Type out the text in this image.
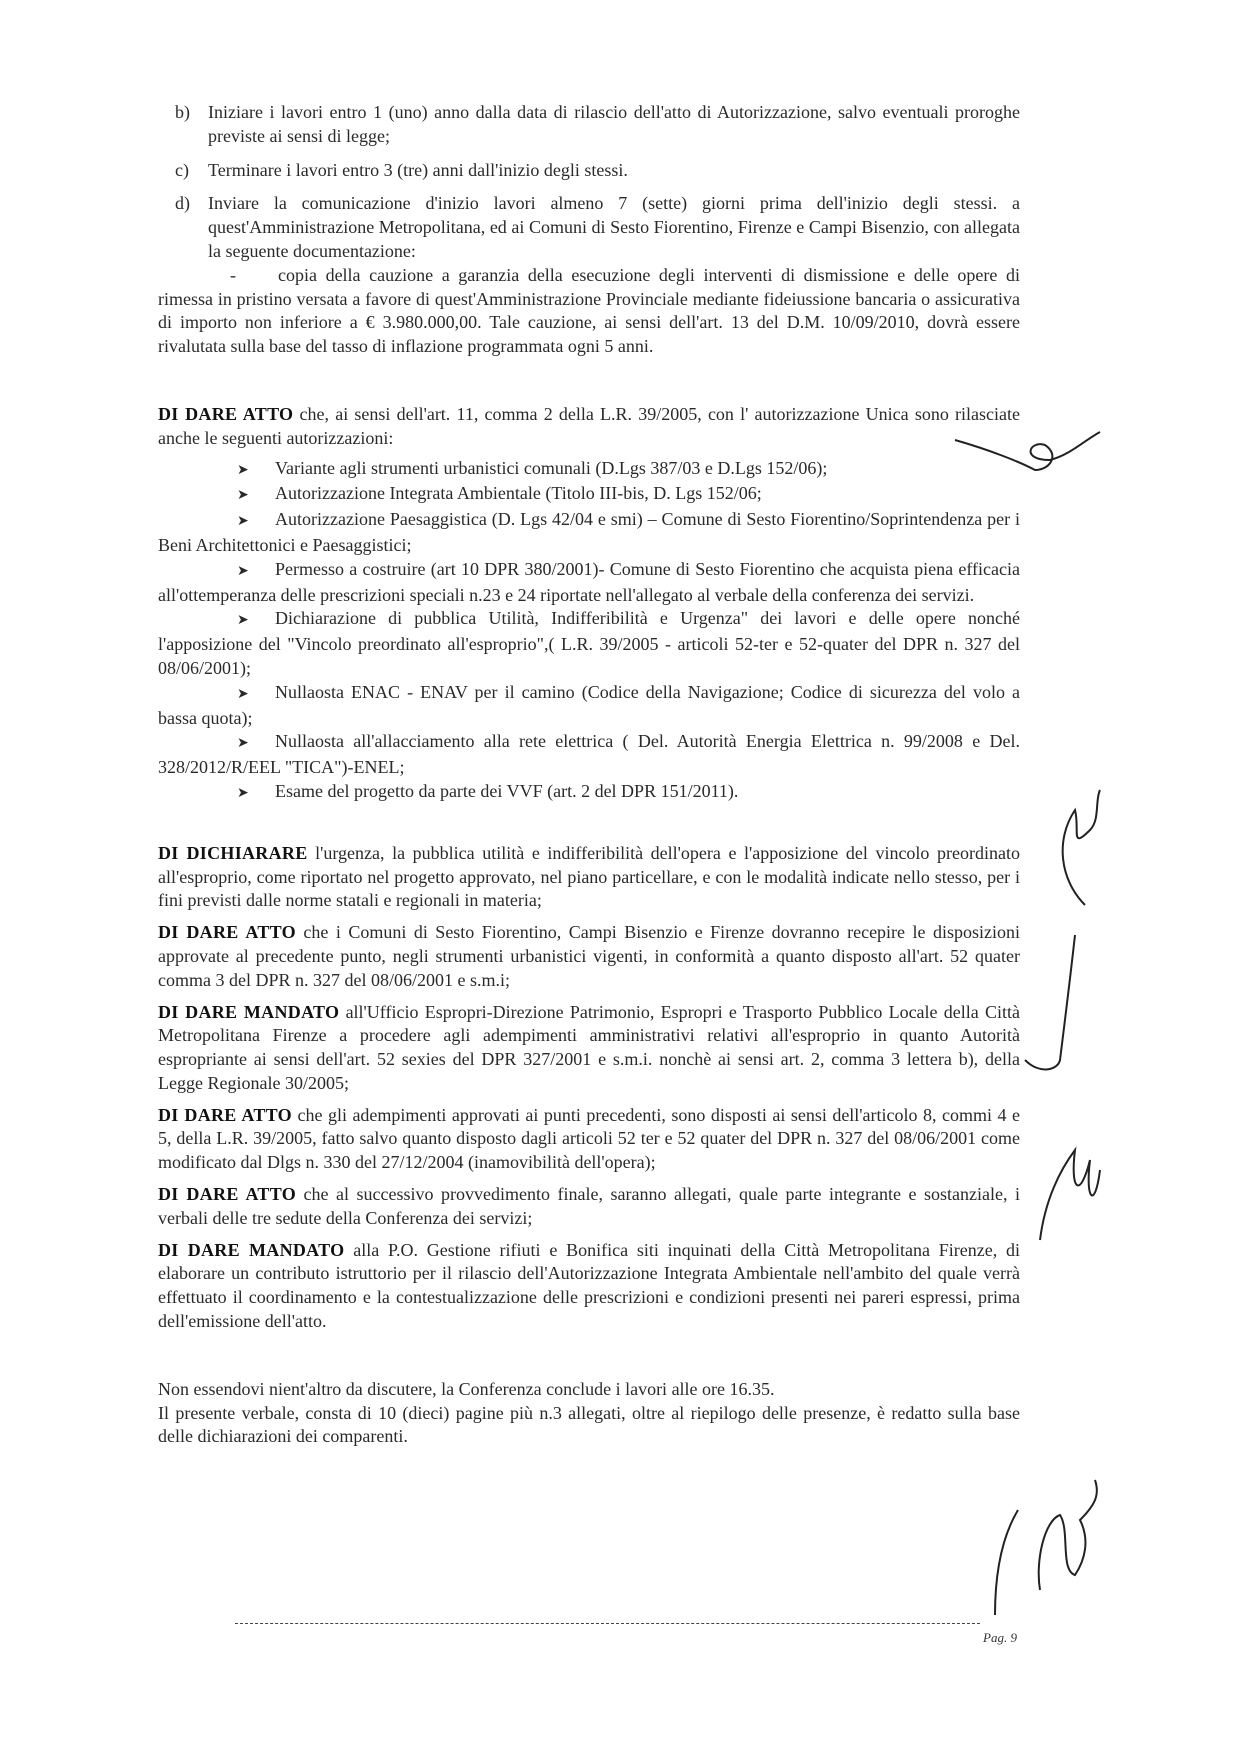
b) Iniziare i lavori entro 1 (uno) anno dalla data di rilascio dell'atto di Autorizzazione, salvo eventuali proroghe previste ai sensi di legge;
c) Terminare i lavori entro 3 (tre) anni dall'inizio degli stessi.
d) Inviare la comunicazione d'inizio lavori almeno 7 (sette) giorni prima dell'inizio degli stessi. a quest'Amministrazione Metropolitana, ed ai Comuni di Sesto Fiorentino, Firenze e Campi Bisenzio, con allegata la seguente documentazione:
- copia della cauzione a garanzia della esecuzione degli interventi di dismissione e delle opere di rimessa in pristino versata a favore di quest'Amministrazione Provinciale mediante fideiussione bancaria o assicurativa di importo non inferiore a € 3.980.000,00. Tale cauzione, ai sensi dell'art. 13 del D.M. 10/09/2010, dovrà essere rivalutata sulla base del tasso di inflazione programmata ogni 5 anni.
DI DARE ATTO che, ai sensi dell'art. 11, comma 2 della L.R. 39/2005, con l' autorizzazione Unica sono rilasciate anche le seguenti autorizzazioni:
➤ Variante agli strumenti urbanistici comunali (D.Lgs 387/03 e D.Lgs 152/06);
➤ Autorizzazione Integrata Ambientale (Titolo III-bis, D. Lgs 152/06;
➤ Autorizzazione Paesaggistica (D. Lgs 42/04 e smi) – Comune di Sesto Fiorentino/Soprintendenza per i Beni Architettonici e Paesaggistici;
➤ Permesso a costruire (art 10 DPR 380/2001)- Comune di Sesto Fiorentino che acquista piena efficacia all'ottemperanza delle prescrizioni speciali n.23 e 24 riportate nell'allegato al verbale della conferenza dei servizi.
➤ Dichiarazione di pubblica Utilità, Indifferibilità e Urgenza" dei lavori e delle opere nonché l'apposizione del "Vincolo preordinato all'esproprio",( L.R. 39/2005 - articoli 52-ter e 52-quater del DPR n. 327 del 08/06/2001);
➤ Nullaosta ENAC - ENAV per il camino (Codice della Navigazione; Codice di sicurezza del volo a bassa quota);
➤ Nullaosta all'allacciamento alla rete elettrica ( Del. Autorità Energia Elettrica n. 99/2008 e Del. 328/2012/R/EEL "TICA")-ENEL;
➤ Esame del progetto da parte dei VVF (art. 2 del DPR 151/2011).
DI DICHIARARE l'urgenza, la pubblica utilità e indifferibilità dell'opera e l'apposizione del vincolo preordinato all'esproprio, come riportato nel progetto approvato, nel piano particellare, e con le modalità indicate nello stesso, per i fini previsti dalle norme statali e regionali in materia;
DI DARE ATTO che i Comuni di Sesto Fiorentino, Campi Bisenzio e Firenze dovranno recepire le disposizioni approvate al precedente punto, negli strumenti urbanistici vigenti, in conformità a quanto disposto all'art. 52 quater comma 3 del DPR n. 327 del 08/06/2001 e s.m.i;
DI DARE MANDATO all'Ufficio Espropri-Direzione Patrimonio, Espropri e Trasporto Pubblico Locale della Città Metropolitana Firenze a procedere agli adempimenti amministrativi relativi all'esproprio in quanto Autorità espropriante ai sensi dell'art. 52 sexies del DPR 327/2001 e s.m.i. nonchè ai sensi art. 2, comma 3 lettera b), della Legge Regionale 30/2005;
DI DARE ATTO che gli adempimenti approvati ai punti precedenti, sono disposti ai sensi dell'articolo 8, commi 4 e 5, della L.R. 39/2005, fatto salvo quanto disposto dagli articoli 52 ter e 52 quater del DPR n. 327 del 08/06/2001 come modificato dal Dlgs n. 330 del 27/12/2004 (inamovibilità dell'opera);
DI DARE ATTO che al successivo provvedimento finale, saranno allegati, quale parte integrante e sostanziale, i verbali delle tre sedute della Conferenza dei servizi;
DI DARE MANDATO alla P.O. Gestione rifiuti e Bonifica siti inquinati della Città Metropolitana Firenze, di elaborare un contributo istruttorio per il rilascio dell'Autorizzazione Integrata Ambientale nell'ambito del quale verrà effettuato il coordinamento e la contestualizzazione delle prescrizioni e condizioni presenti nei pareri espressi, prima dell'emissione dell'atto.
Non essendovi nient'altro da discutere, la Conferenza conclude i lavori alle ore 16.35.
Il presente verbale, consta di 10 (dieci) pagine più n.3 allegati, oltre al riepilogo delle presenze, è redatto sulla base delle dichiarazioni dei comparenti.
Pag. 9
